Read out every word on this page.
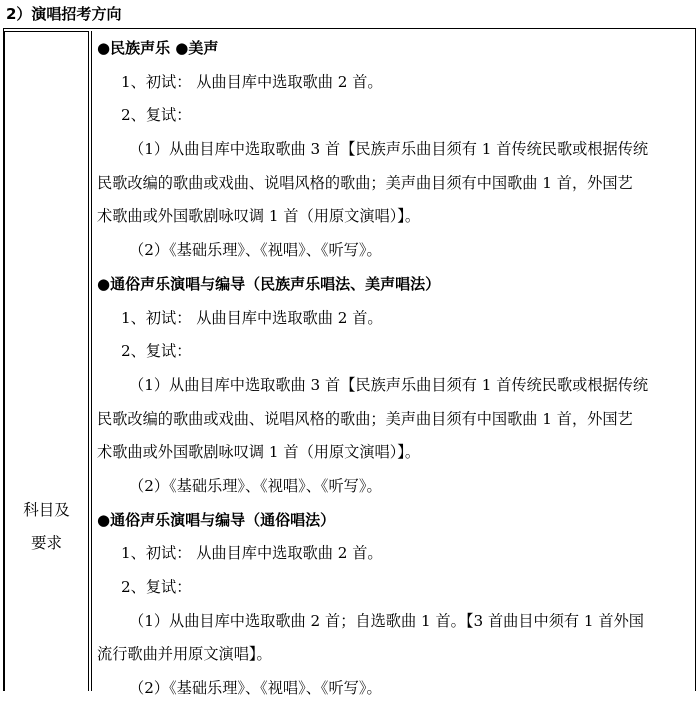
2）演唱招考方向
科目及
要求
●民族声乐 ●美声
1、初试： 从曲目库中选取歌曲 2 首。
2、复试：
（1）从曲目库中选取歌曲 3 首【民族声乐曲目须有 1 首传统民歌或根据传统
民歌改编的歌曲或戏曲、说唱风格的歌曲；美声曲目须有中国歌曲 1 首，外国艺
术歌曲或外国歌剧咏叹调 1 首（用原文演唱）】。
（2）《基础乐理》、《视唱》、《听写》。
●通俗声乐演唱与编导（民族声乐唱法、美声唱法）
1、初试： 从曲目库中选取歌曲 2 首。
2、复试：
（1）从曲目库中选取歌曲 3 首【民族声乐曲目须有 1 首传统民歌或根据传统
民歌改编的歌曲或戏曲、说唱风格的歌曲；美声曲目须有中国歌曲 1 首，外国艺
术歌曲或外国歌剧咏叹调 1 首（用原文演唱）】。
（2）《基础乐理》、《视唱》、《听写》。
●通俗声乐演唱与编导（通俗唱法）
1、初试： 从曲目库中选取歌曲 2 首。
2、复试：
（1）从曲目库中选取歌曲 2 首；自选歌曲 1 首。【3 首曲目中须有 1 首外国
流行歌曲并用原文演唱】。
（2）《基础乐理》、《视唱》、《听写》。
